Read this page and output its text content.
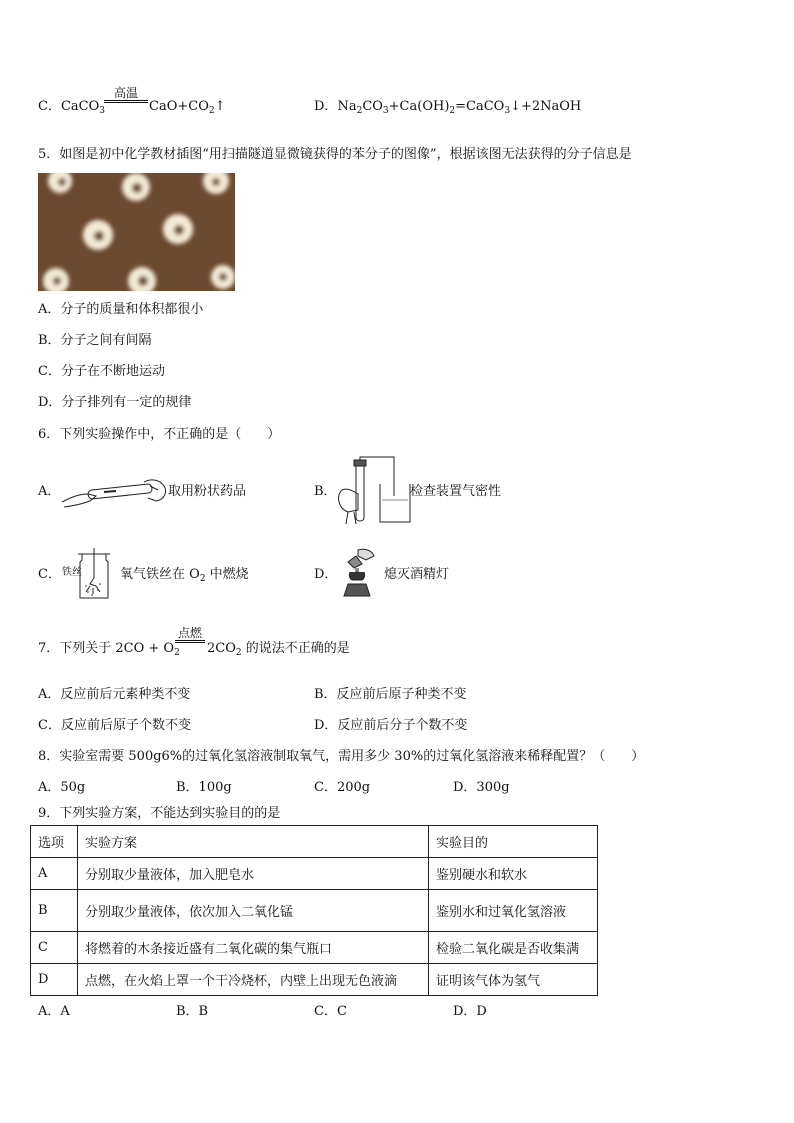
C．CaCO$_3$
高温
$CaO+CO_2↑$	D．$Na_2CO_3+Ca(OH)_2=CaCO_3↓+2NaOH$
5．如图是初中化学教材插图“用扫描隧道显微镜获得的苯分子的图像”，根据该图无法获得的分子信息是
A．分子的质量和体积都很小
B．分子之间有间隔
C．分子在不断地运动
D．分子排列有一定的规律
6．下列实验操作中，不正确的是（　　）
A．	取用粉状药品	B．	检查装置气密性
C． 铁丝	氧气铁丝在 $O_2$ 中燃烧	D．	熄灭酒精灯
7．下列关于 $2CO + O_2$
点燃
$2CO_2$ 的说法不正确的是
A．反应前后元素种类不变	B．反应前后原子种类不变
C．反应前后原子个数不变	D．反应前后分子个数不变
8．实验室需要 500g6%的过氧化氢溶液制取氧气，需用多少 30%的过氧化氢溶液来稀释配置？（　　）
A．50g	B．100g	C．200g	D．300g
9．下列实验方案，不能达到实验目的的是
选项	实验方案	实验目的
A	分别取少量液体，加入肥皂水	鉴别硬水和软水
B	分别取少量液体，依次加入二氧化锰	鉴别水和过氧化氢溶液
C	将燃着的木条接近盛有二氧化碳的集气瓶口	检验二氧化碳是否收集满
D	点燃，在火焰上罩一个干冷烧杯，内壁上出现无色液滴	证明该气体为氢气
A．A	B．B	C．C	D．D
